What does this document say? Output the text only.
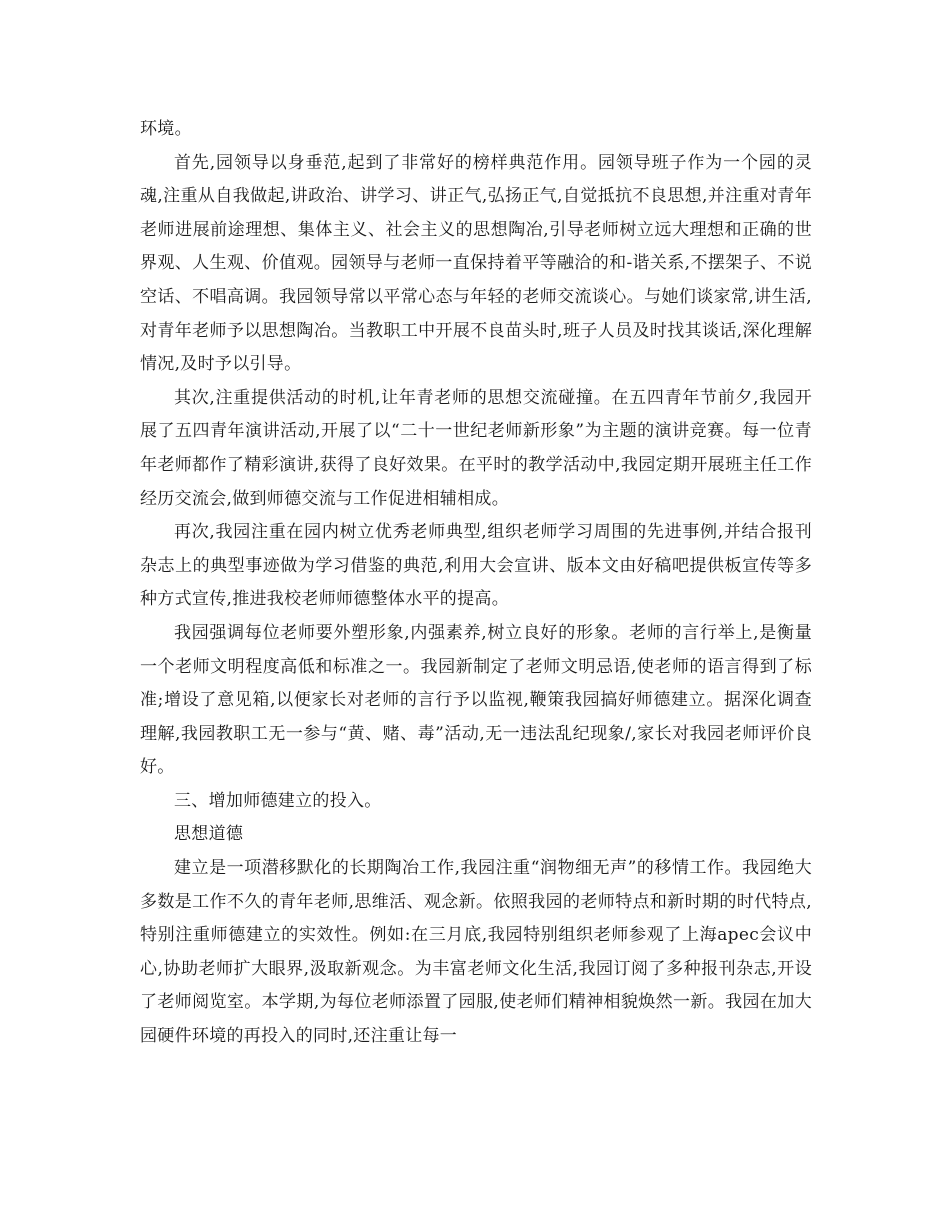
环境。

首先,园领导以身垂范,起到了非常好的榜样典范作用。园领导班子作为一个园的灵魂,注重从自我做起,讲政治、讲学习、讲正气,弘扬正气,自觉抵抗不良思想,并注重对青年老师进展前途理想、集体主义、社会主义的思想陶冶,引导老师树立远大理想和正确的世界观、人生观、价值观。园领导与老师一直保持着平等融洽的和-谐关系,不摆架子、不说空话、不唱高调。我园领导常以平常心态与年轻的老师交流谈心。与她们谈家常,讲生活,对青年老师予以思想陶冶。当教职工中开展不良苗头时,班子人员及时找其谈话,深化理解情况,及时予以引导。

其次,注重提供活动的时机,让年青老师的思想交流碰撞。在五四青年节前夕,我园开展了五四青年演讲活动,开展了以“二十一世纪老师新形象”为主题的演讲竞赛。每一位青年老师都作了精彩演讲,获得了良好效果。在平时的教学活动中,我园定期开展班主任工作经历交流会,做到师德交流与工作促进相辅相成。

再次,我园注重在园内树立优秀老师典型,组织老师学习周围的先进事例,并结合报刊杂志上的典型事迹做为学习借鉴的典范,利用大会宣讲、版本文由好稿吧提供板宣传等多种方式宣传,推进我校老师师德整体水平的提高。

我园强调每位老师要外塑形象,内强素养,树立良好的形象。老师的言行举上,是衡量一个老师文明程度高低和标准之一。我园新制定了老师文明忌语,使老师的语言得到了标准;增设了意见箱,以便家长对老师的言行予以监视,鞭策我园搞好师德建立。据深化调查理解,我园教职工无一参与“黄、赌、毒”活动,无一违法乱纪现象/,家长对我园老师评价良好。

三、增加师德建立的投入。

思想道德

建立是一项潜移默化的长期陶冶工作,我园注重“润物细无声”的移情工作。我园绝大多数是工作不久的青年老师,思维活、观念新。依照我园的老师特点和新时期的时代特点,特别注重师德建立的实效性。例如:在三月底,我园特别组织老师参观了上海apec会议中心,协助老师扩大眼界,汲取新观念。为丰富老师文化生活,我园订阅了多种报刊杂志,开设了老师阅览室。本学期,为每位老师添置了园服,使老师们精神相貌焕然一新。我园在加大园硬件环境的再投入的同时,还注重让每一
